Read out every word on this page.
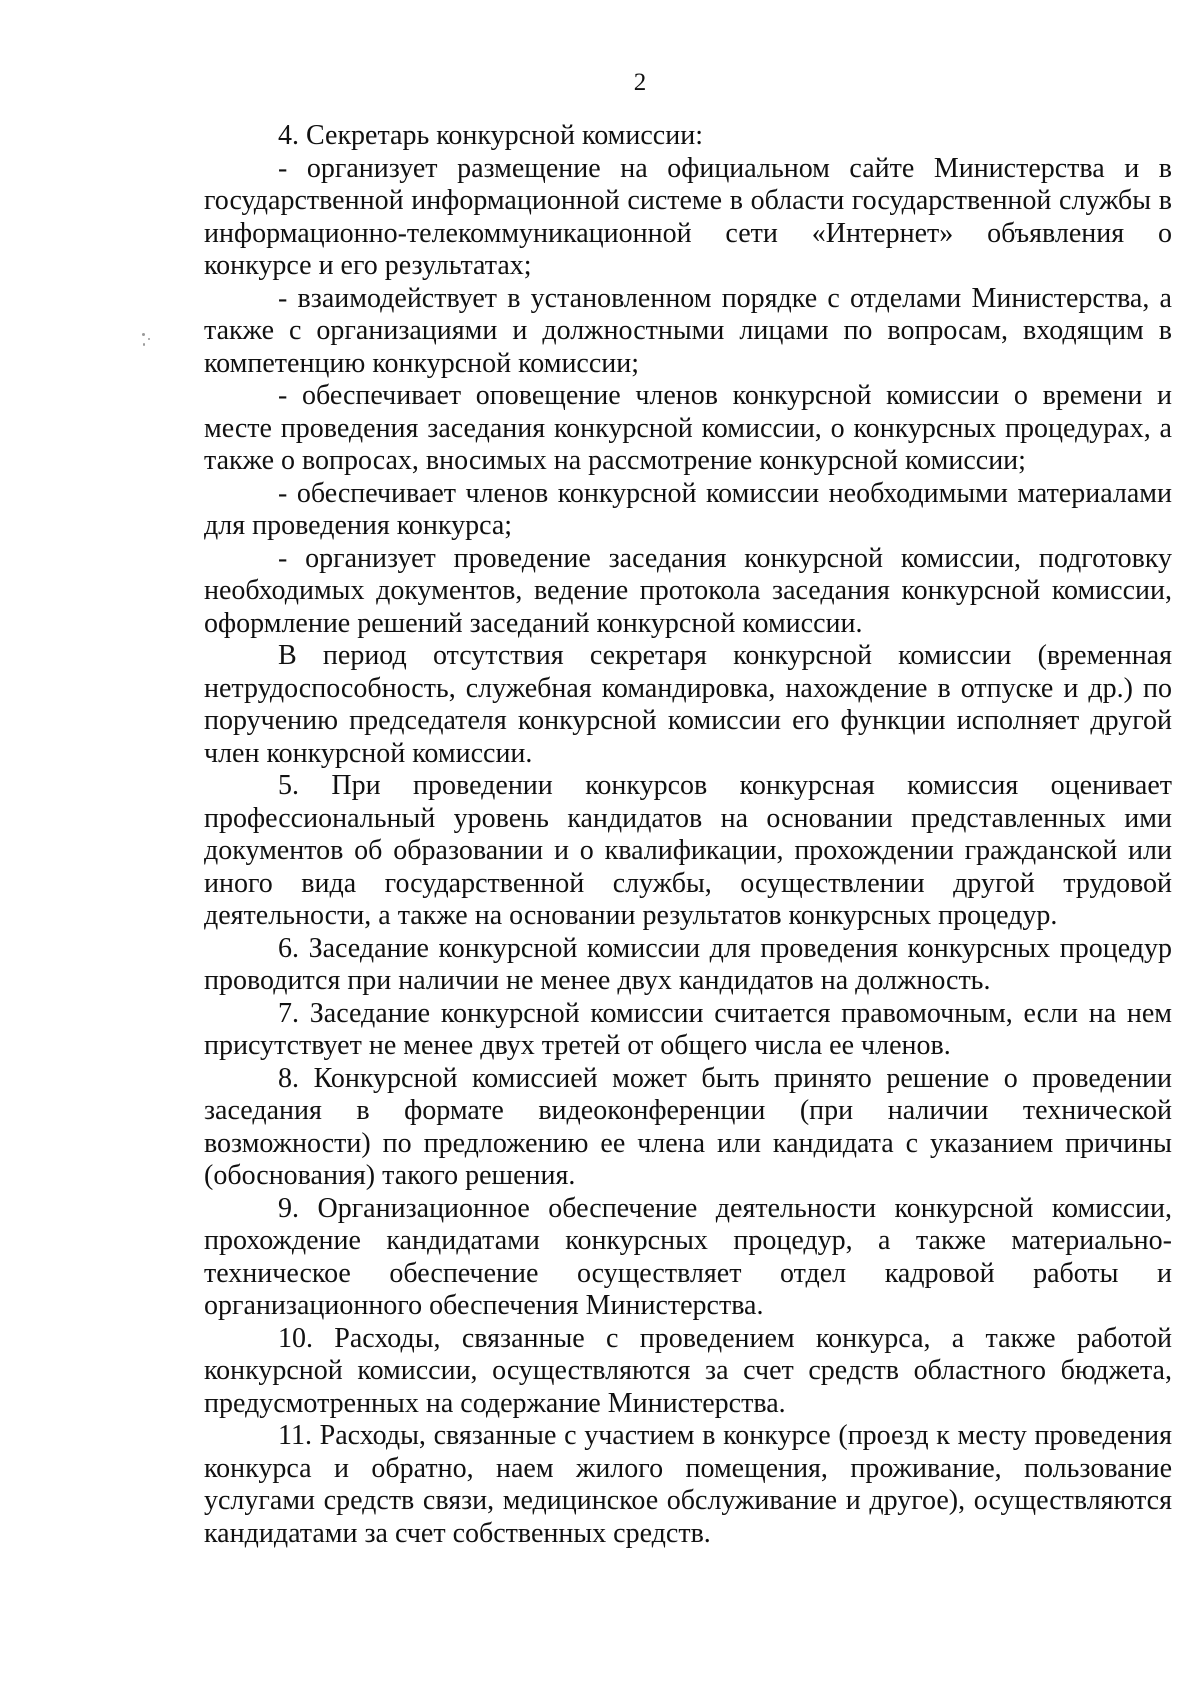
2

4. Секретарь конкурсной комиссии:

- организует размещение на официальном сайте Министерства и в государственной информационной системе в области государственной службы в информационно-телекоммуникационной сети «Интернет» объявления о конкурсе и его результатах;

- взаимодействует в установленном порядке с отделами Министерства, а также с организациями и должностными лицами по вопросам, входящим в компетенцию конкурсной комиссии;

- обеспечивает оповещение членов конкурсной комиссии о времени и месте проведения заседания конкурсной комиссии, о конкурсных процедурах, а также о вопросах, вносимых на рассмотрение конкурсной комиссии;

- обеспечивает членов конкурсной комиссии необходимыми материалами для проведения конкурса;

- организует проведение заседания конкурсной комиссии, подготовку необходимых документов, ведение протокола заседания конкурсной комиссии, оформление решений заседаний конкурсной комиссии.

В период отсутствия секретаря конкурсной комиссии (временная нетрудоспособность, служебная командировка, нахождение в отпуске и др.) по поручению председателя конкурсной комиссии его функции исполняет другой член конкурсной комиссии.

5. При проведении конкурсов конкурсная комиссия оценивает профессиональный уровень кандидатов на основании представленных ими документов об образовании и о квалификации, прохождении гражданской или иного вида государственной службы, осуществлении другой трудовой деятельности, а также на основании результатов конкурсных процедур.

6. Заседание конкурсной комиссии для проведения конкурсных процедур проводится при наличии не менее двух кандидатов на должность.

7. Заседание конкурсной комиссии считается правомочным, если на нем присутствует не менее двух третей от общего числа ее членов.

8. Конкурсной комиссией может быть принято решение о проведении заседания в формате видеоконференции (при наличии технической возможности) по предложению ее члена или кандидата с указанием причины (обоснования) такого решения.

9. Организационное обеспечение деятельности конкурсной комиссии, прохождение кандидатами конкурсных процедур, а также материально-техническое обеспечение осуществляет отдел кадровой работы и организационного обеспечения Министерства.

10. Расходы, связанные с проведением конкурса, а также работой конкурсной комиссии, осуществляются за счет средств областного бюджета, предусмотренных на содержание Министерства.

11. Расходы, связанные с участием в конкурсе (проезд к месту проведения конкурса и обратно, наем жилого помещения, проживание, пользование услугами средств связи, медицинское обслуживание и другое), осуществляются кандидатами за счет собственных средств.
